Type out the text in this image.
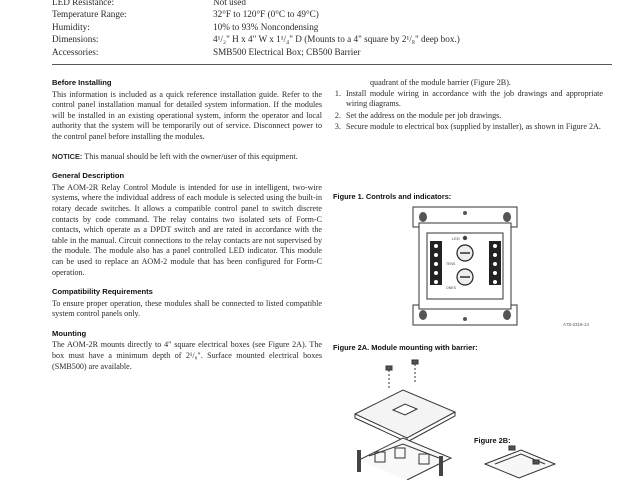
LED Resistance:	Not used
Temperature Range:	32°F to 120°F (0°C to 49°C)
Humidity:	10% to 93% Noncondensing
Dimensions:	4¹/₂" H x 4" W x 1¹/₄" D (Mounts to a 4" square by 2¹/₈" deep box.)
Accessories:	SMB500 Electrical Box; CB500 Barrier
Before Installing

This information is included as a quick reference installation guide. Refer to the control panel installation manual for detailed system information. If the modules will be installed in an existing operational system, inform the operator and local authority that the system will be temporarily out of service. Disconnect power to the control panel before installing the modules.

NOTICE: This manual should be left with the owner/user of this equipment.

General Description

The AOM-2R Relay Control Module is intended for use in intelligent, two-wire systems, where the individual address of each module is selected using the built-in rotary decade switches. It allows a compatible control panel to switch discrete contacts by code command. The relay contains two isolated sets of Form-C contacts, which operate as a DPDT switch and are rated in accordance with the table in the manual. Circuit connections to the relay contacts are not supervised by the module. The module also has a panel controlled LED indicator. This module can be used to replace an AOM-2 module that has been configured for Form-C operation.

Compatibility Requirements

To ensure proper operation, these modules shall be connected to listed compatible system control panels only.

Mounting

The AOM-2R mounts directly to 4" square electrical boxes (see Figure 2A). The box must have a minimum depth of 2¹/₈". Surface mounted electrical boxes (SMB500) are available.

quadrant of the module barrier (Figure 2B).
1. Install module wiring in accordance with the job drawings and appropriate wiring diagrams.
2. Set the address on the module per job drawings.
3. Secure module to electrical box (supplied by installer), as shown in Figure 2A.
Figure 1. Controls and indicators:
LED
TENS
ONES
A78-2318-14
Figure 2A. Module mounting with barrier:
Figure 2B:
